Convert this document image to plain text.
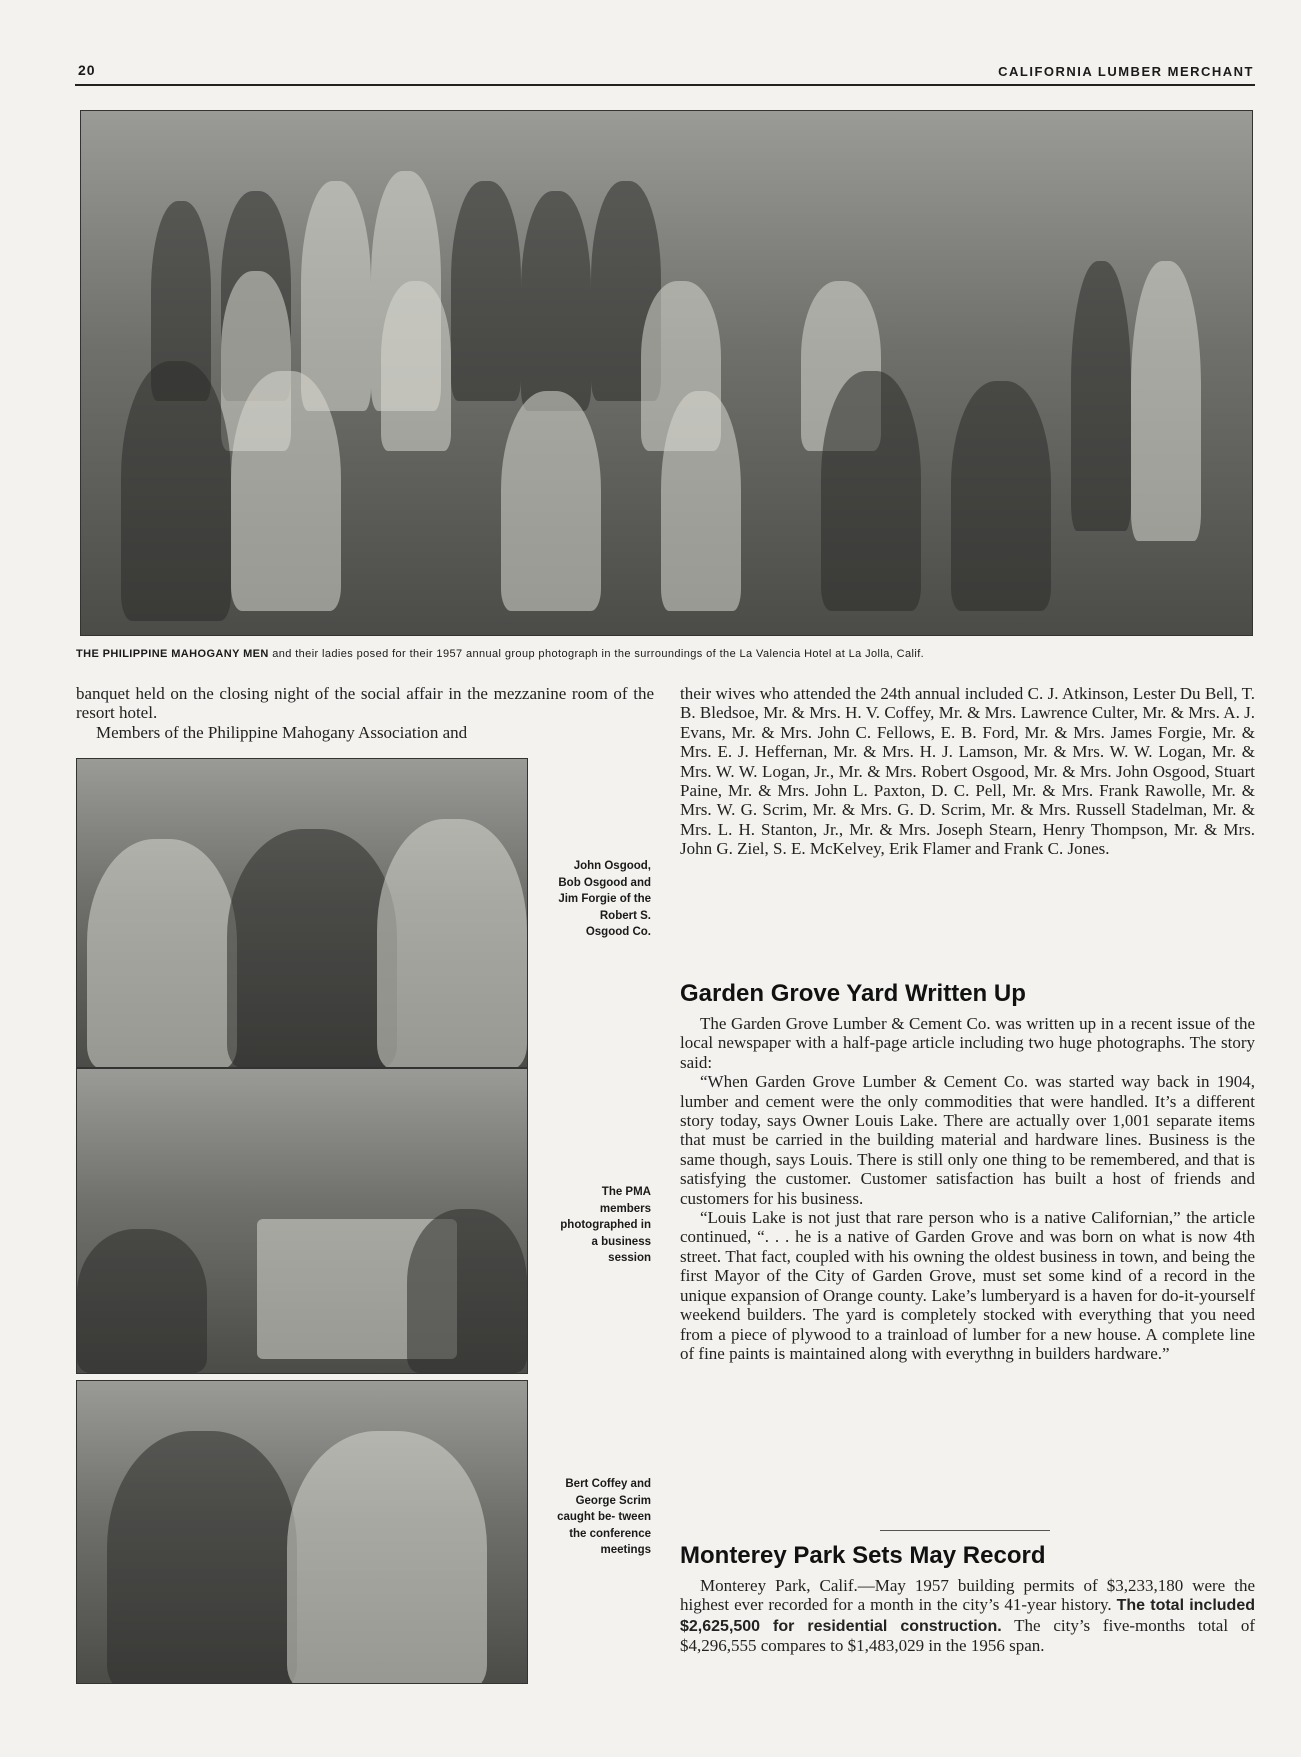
20	CALIFORNIA LUMBER MERCHANT
THE PHILIPPINE MAHOGANY MEN and their ladies posed for their 1957 annual group photograph in the surroundings of the La Valencia Hotel at La Jolla, Calif.

banquet held on the closing night of the social affair in the mezzanine room of the resort hotel.

Members of the Philippine Mahogany Association and

John Osgood, Bob Osgood and Jim Forgie of the Robert S. Osgood Co.
The PMA members photographed in a business session
Bert Coffey and George Scrim caught be- tween the conference meetings

their wives who attended the 24th annual included C. J. Atkinson, Lester Du Bell, T. B. Bledsoe, Mr. & Mrs. H. V. Coffey, Mr. & Mrs. Lawrence Culter, Mr. & Mrs. A. J. Evans, Mr. & Mrs. John C. Fellows, E. B. Ford, Mr. & Mrs. James Forgie, Mr. & Mrs. E. J. Heffernan, Mr. & Mrs. H. J. Lamson, Mr. & Mrs. W. W. Logan, Mr. & Mrs. W. W. Logan, Jr., Mr. & Mrs. Robert Osgood, Mr. & Mrs. John Osgood, Stuart Paine, Mr. & Mrs. John L. Paxton, D. C. Pell, Mr. & Mrs. Frank Rawolle, Mr. & Mrs. W. G. Scrim, Mr. & Mrs. G. D. Scrim, Mr. & Mrs. Russell Stadelman, Mr. & Mrs. L. H. Stanton, Jr., Mr. & Mrs. Joseph Stearn, Henry Thompson, Mr. & Mrs. John G. Ziel, S. E. McKelvey, Erik Flamer and Frank C. Jones.

Garden Grove Yard Written Up

The Garden Grove Lumber & Cement Co. was written up in a recent issue of the local newspaper with a half-page article including two huge photographs. The story said:

“When Garden Grove Lumber & Cement Co. was started way back in 1904, lumber and cement were the only commodities that were handled. It’s a different story today, says Owner Louis Lake. There are actually over 1,001 separate items that must be carried in the building material and hardware lines. Business is the same though, says Louis. There is still only one thing to be remembered, and that is satisfying the customer. Customer satisfaction has built a host of friends and customers for his business.

“Louis Lake is not just that rare person who is a native Californian,” the article continued, “. . . he is a native of Garden Grove and was born on what is now 4th street. That fact, coupled with his owning the oldest business in town, and being the first Mayor of the City of Garden Grove, must set some kind of a record in the unique expansion of Orange county. Lake’s lumberyard is a haven for do-it-yourself weekend builders. The yard is completely stocked with everything that you need from a piece of plywood to a trainload of lumber for a new house. A complete line of fine paints is maintained along with everythng in builders hardware.”

Monterey Park Sets May Record

Monterey Park, Calif.—May 1957 building permits of $3,233,180 were the highest ever recorded for a month in the city’s 41-year history. The total included $2,625,500 for residential construction. The city’s five-months total of $4,296,555 compares to $1,483,029 in the 1956 span.
